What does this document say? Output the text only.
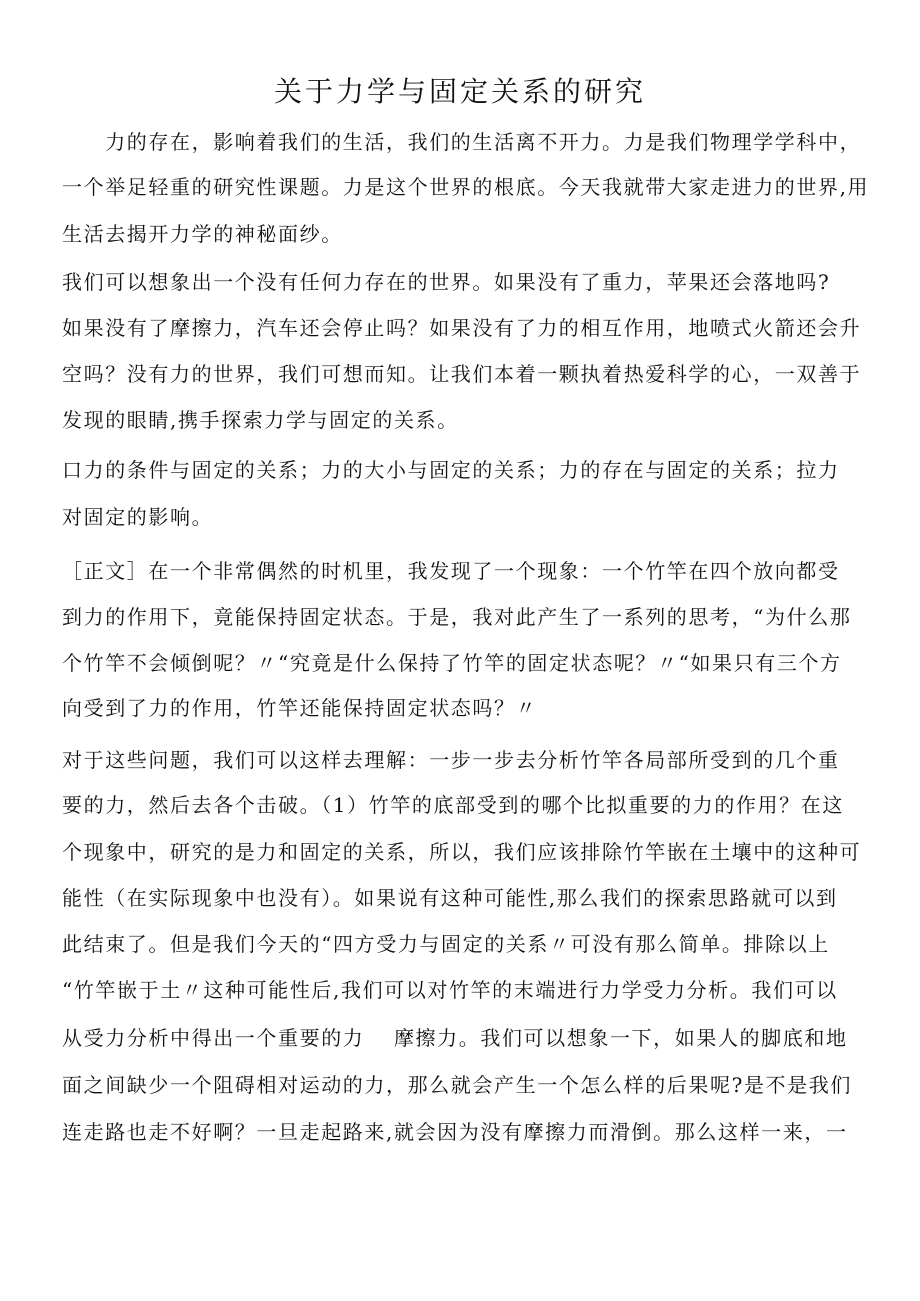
关于力学与固定关系的研究

　　力的存在，影响着我们的生活，我们的生活离不开力。力是我们物理学学科中，

一个举足轻重的研究性课题。力是这个世界的根底。今天我就带大家走进力的世界,用

生活去揭开力学的神秘面纱。

我们可以想象出一个没有任何力存在的世界。如果没有了重力，苹果还会落地吗?

如果没有了摩擦力，汽车还会停止吗？如果没有了力的相互作用，地喷式火箭还会升

空吗？没有力的世界，我们可想而知。让我们本着一颗执着热爱科学的心，一双善于

发现的眼睛,携手探索力学与固定的关系。

口力的条件与固定的关系；力的大小与固定的关系；力的存在与固定的关系；拉力

对固定的影响。

［正文］在一个非常偶然的时机里，我发现了一个现象：一个竹竿在四个放向都受

到力的作用下，竟能保持固定状态。于是，我对此产生了一系列的思考，“为什么那

个竹竿不会倾倒呢？〃“究竟是什么保持了竹竿的固定状态呢？〃“如果只有三个方

向受到了力的作用，竹竿还能保持固定状态吗？〃

对于这些问题，我们可以这样去理解：一步一步去分析竹竿各局部所受到的几个重

要的力，然后去各个击破。（1）竹竿的底部受到的哪个比拟重要的力的作用？在这

个现象中，研究的是力和固定的关系，所以，我们应该排除竹竿嵌在土壤中的这种可

能性（在实际现象中也没有）。如果说有这种可能性,那么我们的探索思路就可以到

此结束了。但是我们今天的“四方受力与固定的关系〃可没有那么简单。排除以上

“竹竿嵌于土〃这种可能性后,我们可以对竹竿的末端进行力学受力分析。我们可以

从受力分析中得出一个重要的力　 摩擦力。我们可以想象一下，如果人的脚底和地

面之间缺少一个阻碍相对运动的力，那么就会产生一个怎么样的后果呢?是不是我们

连走路也走不好啊？一旦走起路来,就会因为没有摩擦力而滑倒。那么这样一来，一
